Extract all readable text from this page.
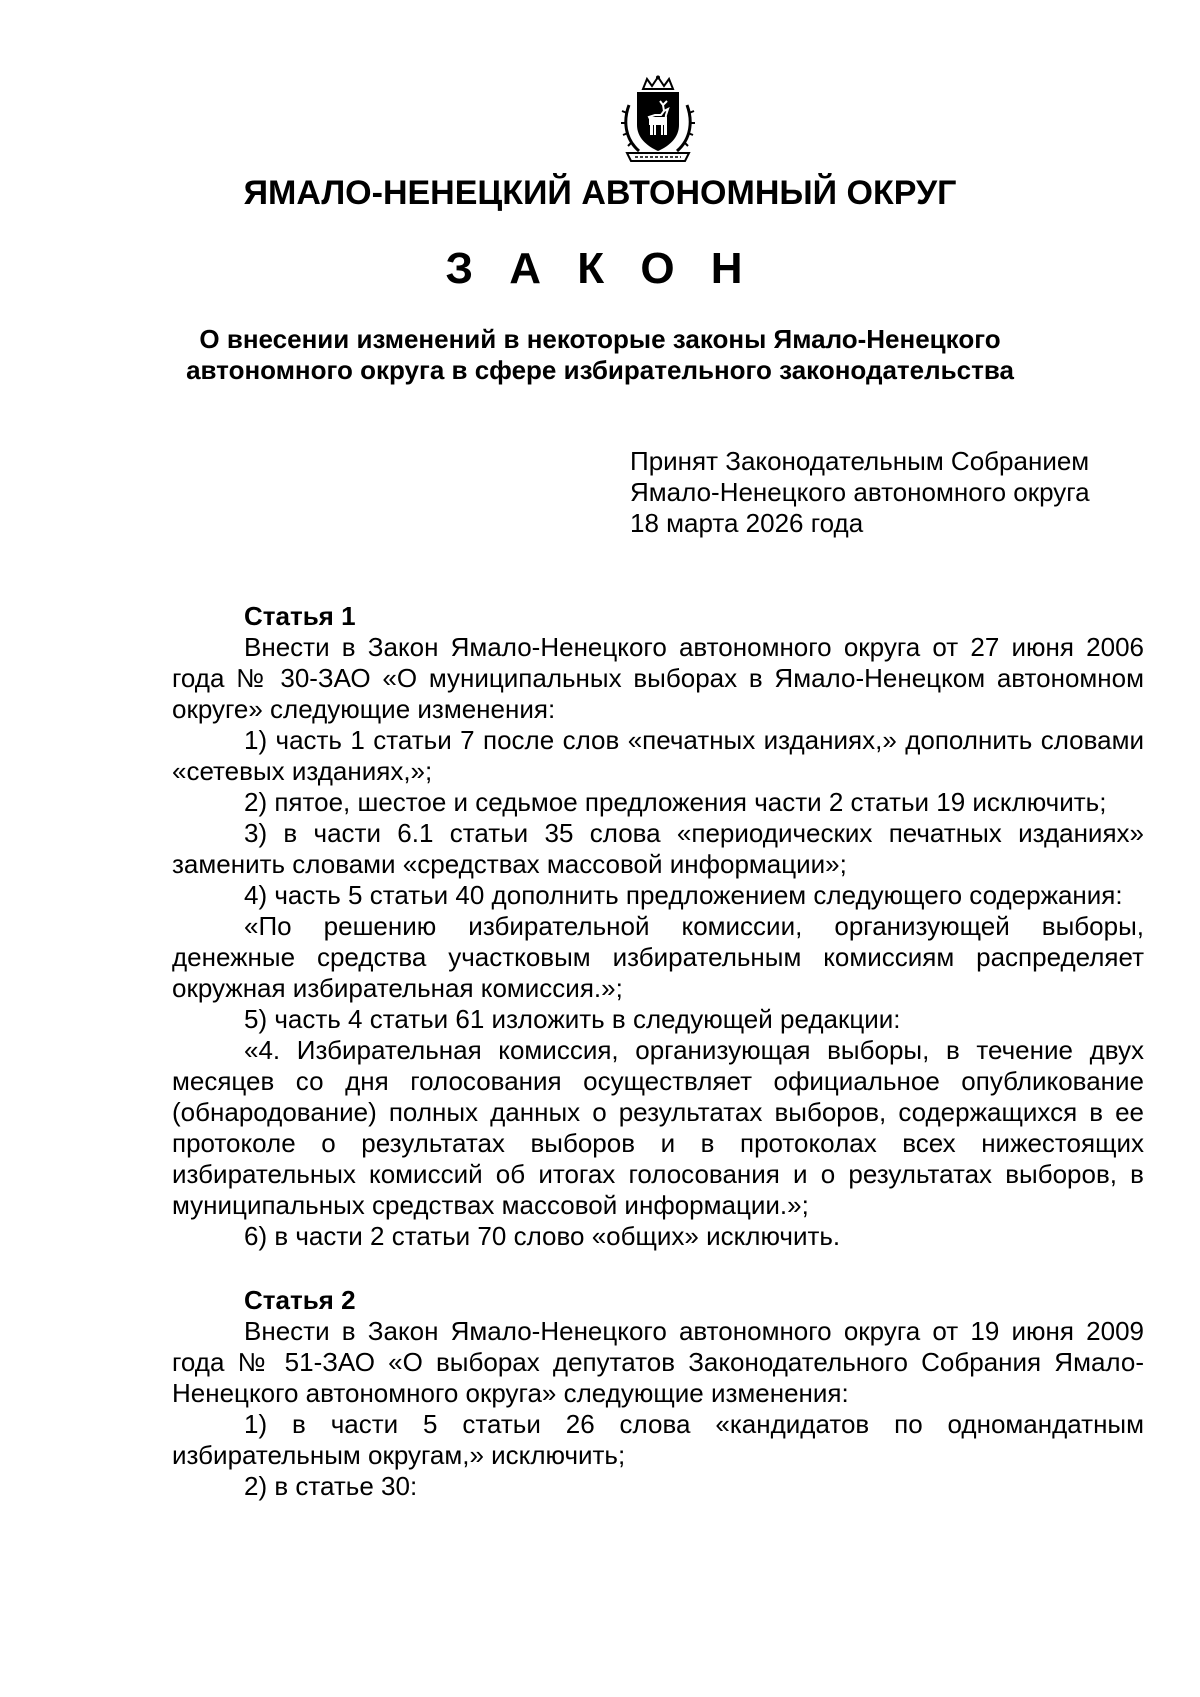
ЯМАЛО-НЕНЕЦКИЙ АВТОНОМНЫЙ ОКРУГ
З А К О Н
О внесении изменений в некоторые законы Ямало-Ненецкого
автономного округа в сфере избирательного законодательства
Принят Законодательным Собранием
Ямало-Ненецкого автономного округа
18 марта 2026 года

Статья 1

Внести в Закон Ямало-Ненецкого автономного округа от 27 июня 2006 года № 30-ЗАО «О муниципальных выборах в Ямало-Ненецком автономном округе» следующие изменения:

1) часть 1 статьи 7 после слов «печатных изданиях,» дополнить словами «сетевых изданиях,»;

2) пятое, шестое и седьмое предложения части 2 статьи 19 исключить;

3) в части 6.1 статьи 35 слова «периодических печатных изданиях» заменить словами «средствах массовой информации»;

4) часть 5 статьи 40 дополнить предложением следующего содержания:

«По решению избирательной комиссии, организующей выборы, денежные средства участковым избирательным комиссиям распределяет окружная избирательная комиссия.»;

5) часть 4 статьи 61 изложить в следующей редакции:

«4. Избирательная комиссия, организующая выборы, в течение двух месяцев со дня голосования осуществляет официальное опубликование (обнародование) полных данных о результатах выборов, содержащихся в ее протоколе о результатах выборов и в протоколах всех нижестоящих избирательных комиссий об итогах голосования и о результатах выборов, в муниципальных средствах массовой информации.»;

6) в части 2 статьи 70 слово «общих» исключить.

Статья 2

Внести в Закон Ямало-Ненецкого автономного округа от 19 июня 2009 года № 51-ЗАО «О выборах депутатов Законодательного Собрания Ямало-Ненецкого автономного округа» следующие изменения:

1) в части 5 статьи 26 слова «кандидатов по одномандатным избирательным округам,» исключить;

2) в статье 30:
